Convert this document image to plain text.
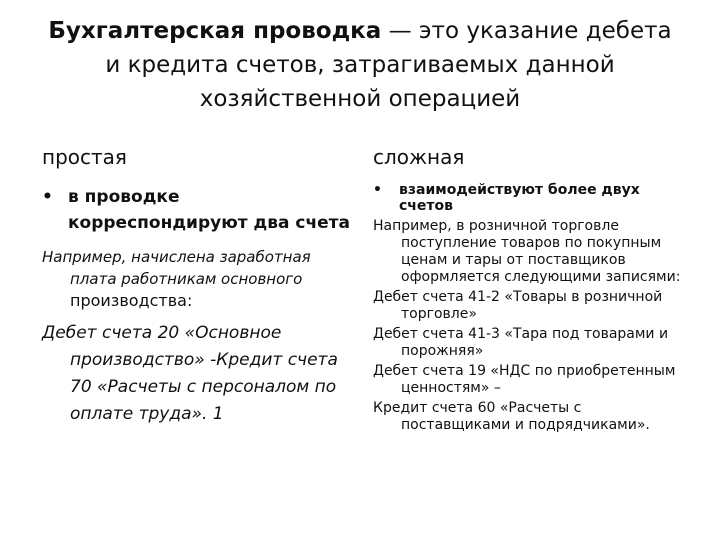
Бухгалтерская проводка — это указание дебета и кредита счетов, затрагиваемых данной хозяйственной операцией
простая
• в проводке корреспондируют два счета
Например, начислена заработная плата работникам основного производства:
Дебет счета 20 «Основное производство» -Кредит счета 70 «Расчеты с персоналом по оплате труда». 1
сложная
•	взаимодействуют более двух счетов
Например, в розничной торговле поступление товаров по покупным ценам и тары от поставщиков оформляется следующими записями:
Дебет счета 41-2 «Товары в розничной торговле»
Дебет счета 41-3 «Тара под товарами и порожняя»
Дебет счета 19 «НДС по приобретенным ценностям» –
Кредит счета 60 «Расчеты с поставщиками и подрядчиками».
